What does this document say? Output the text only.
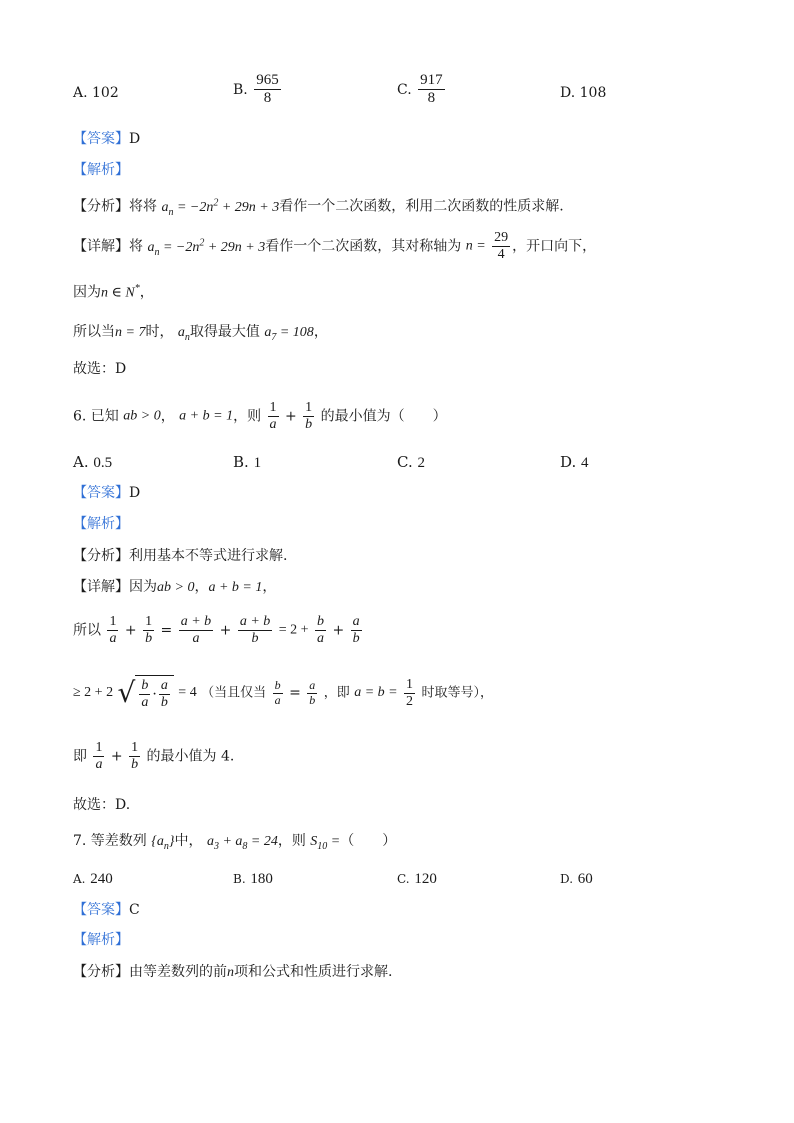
A. 102	B. $\frac{965}{8}$	C. $\frac{917}{8}$	D. 108
【答案】D
【解析】
【分析】将将 $a_n = -2n^2 + 29n + 3$看作一个二次函数，利用二次函数的性质求解.
【详解】将 $a_n = -2n^2 + 29n + 3$看作一个二次函数，其对称轴为 $n = \frac{29}{4}$ ，开口向下，
因为n ∈ N*，
所以当n = 7时， $a_n$取得最大值 $a_7 = 108$，
故选：D
6. 已知 ab > 0， a + b = 1，则 $\frac{1}{a} + \frac{1}{b}$ 的最小值为（　　）
A. 0.5	B. 1	C. 2	D. 4
【答案】D
【解析】
【分析】利用基本不等式进行求解.
【详解】因为ab > 0，a + b = 1，
所以 $\frac{1}{a} + \frac{1}{b} = \frac{a + b}{a} + \frac{a + b}{b} = 2 + \frac{b}{a} + \frac{a}{b}$
≥ 2 + 2 √ $\frac{b}{a} \cdot \frac{a}{b} = 4$ （当且仅当 $\frac{b}{a} = \frac{a}{b}$ ，即 $a = b = \frac{1}{2}$ 时取等号），
即 $\frac{1}{a} + \frac{1}{b}$ 的最小值为 4.
故选：D.
7. 等差数列 $\{a_n\}$中， $a_3 + a_8 = 24$，则 $S_{10}$ =（　　）
A. 240	B. 180	C. 120	D. 60
【答案】C
【解析】
【分析】由等差数列的前n项和公式和性质进行求解.
